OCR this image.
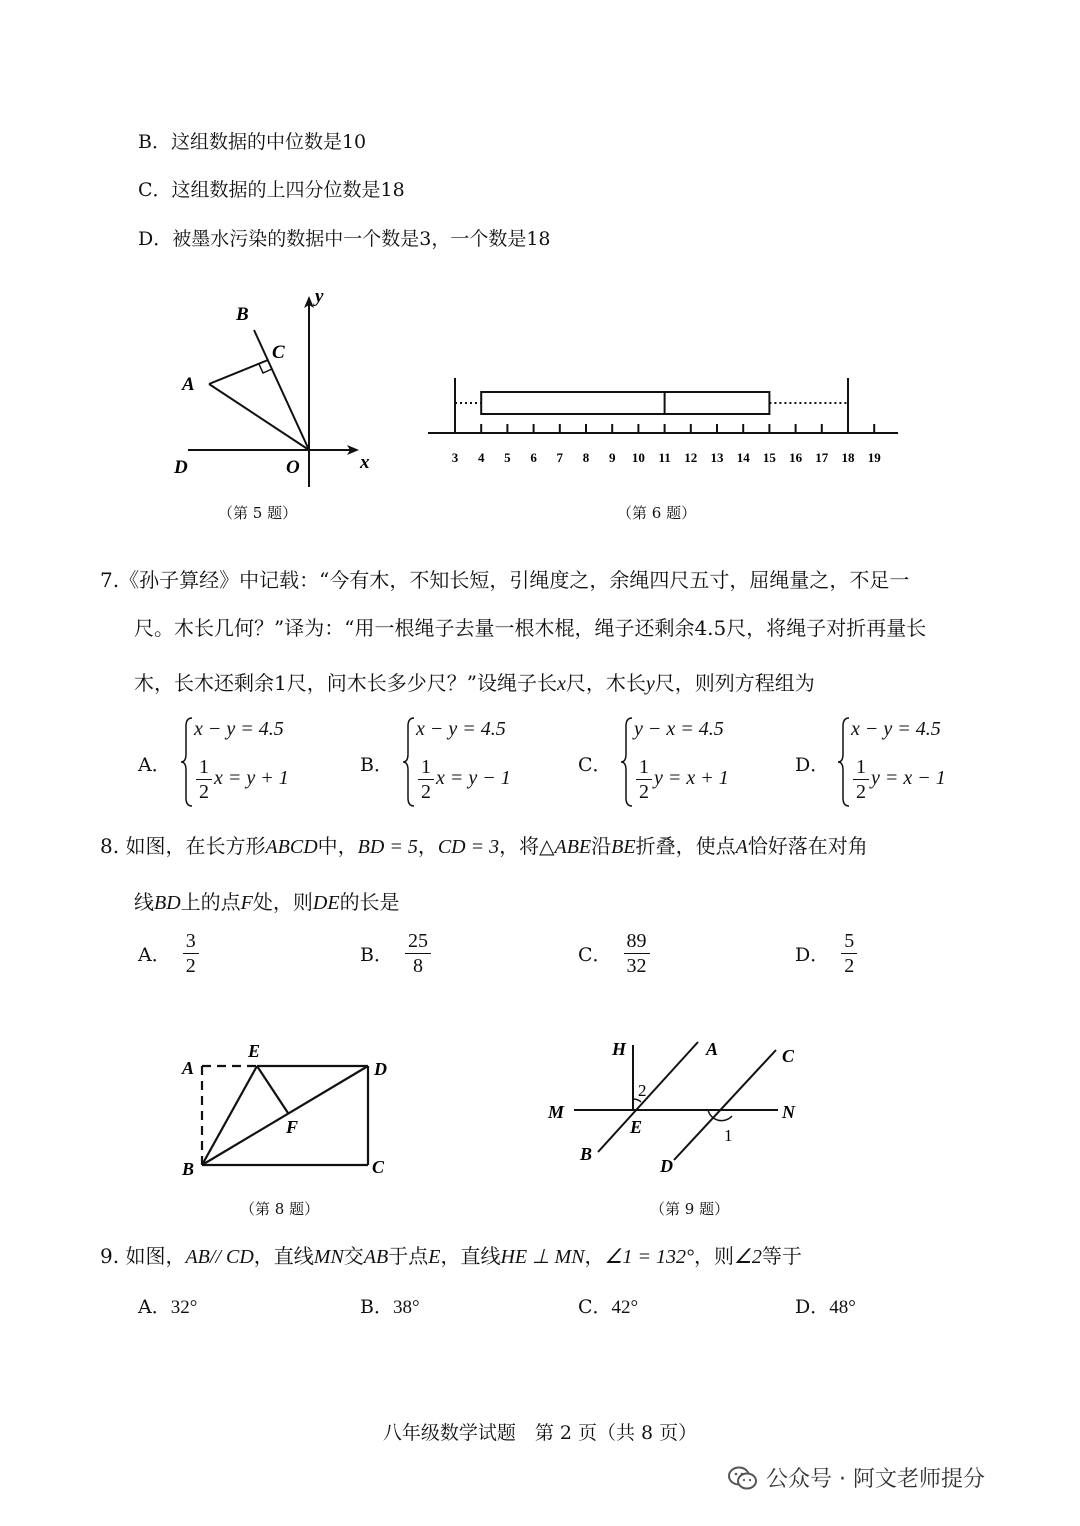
B．这组数据的中位数是10
C．这组数据的上四分位数是18
D．被墨水污染的数据中一个数是3，一个数是18
B
C
A
D	O	x
y
（第 5 题）
3 4 5 6 7 8 9 10 11 12 13 14 15 16 17 18 19
（第 6 题）
7.《孙子算经》中记载：“今有木，不知长短，引绳度之，余绳四尺五寸，屈绳量之，不足一
尺。木长几何？”译为：“用一根绳子去量一根木棍，绳子还剩余4.5尺，将绳子对折再量长
木，长木还剩余1尺，问木长多少尺？”设绳子长x尺，木长y尺，则列方程组为
A．
x − y = 4.5
$\frac{1}{2}$ x = y + 1
B．
x − y = 4.5
$\frac{1}{2}$ x = y − 1
C．
y − x = 4.5
$\frac{1}{2}$ y = x + 1
D．
x − y = 4.5
$\frac{1}{2}$ y = x − 1
8. 如图，在长方形ABCD中，BD = 5，CD = 3，将△ABE沿BE折叠，使点A恰好落在对角
线BD上的点F处，则DE的长是
A． $\frac{3}{2}$	B． $\frac{25}{8}$	C． $\frac{89}{32}$	D． $\frac{5}{2}$
A
E
D
F
B	C
（第 8 题）
H	A	C
M	N
E
B
D
1
2
（第 9 题）
9. 如图，AB// CD，直线MN交AB于点E，直线HE ⊥ MN，∠1 = 132°，则∠2等于
A．32°	B．38°	C．42°	D．48°
八年级数学试题　第 2 页（共 8 页）
公众号 · 阿文老师提分
